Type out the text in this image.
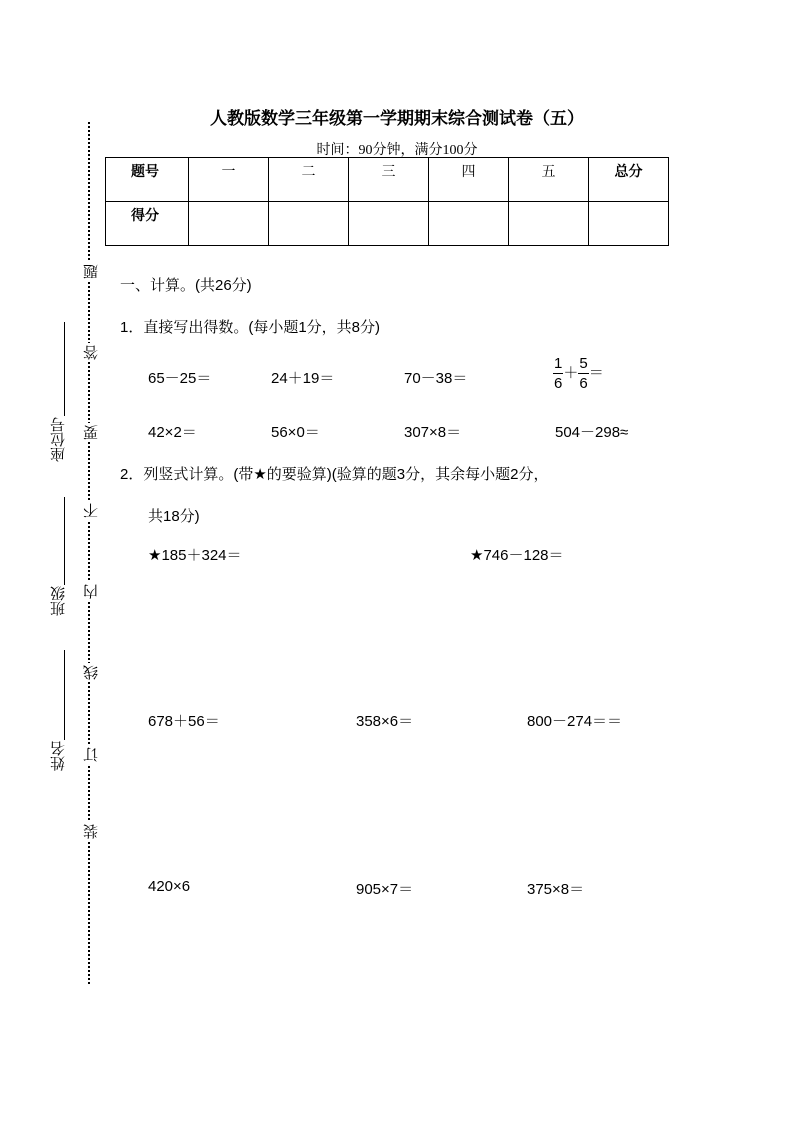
题
答
要
不
内
线
订
装
座位号
班级
姓名
人教版数学三年级第一学期期末综合测试卷（五）
时间：90分钟，满分100分
题号	一	二	三	四	五	总分
得分						
一、计算。(共26分)
1．直接写出得数。(每小题1分，共8分)
65－25＝	24＋19＝	70－38＝	$\frac{1}{6} + \frac{5}{6}$ ＝
42×2＝	56×0＝	307×8＝	504－298≈
2．列竖式计算。(带★的要验算)(验算的题3分，其余每小题2分，
共18分)
★185＋324＝	★746－128＝
678＋56＝	358×6＝	800－274＝＝
420×6	905×7＝	375×8＝
